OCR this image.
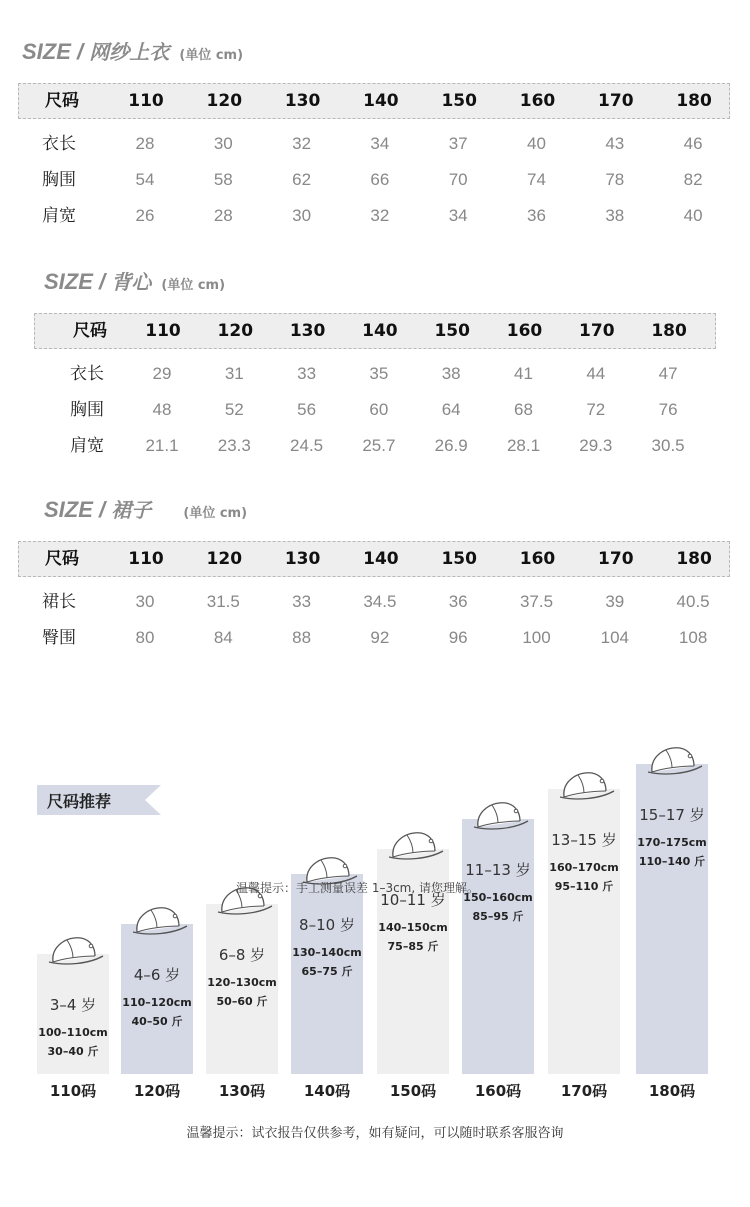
SIZE / 网纱上衣 (单位 cm)
SIZE / 背心 (单位 cm)
SIZE / 裙子 (单位 cm)
尺码推荐
3–4 岁
100–110cm
30–40 斤
110码
4–6 岁
110–120cm
40–50 斤
120码
6–8 岁
120–130cm
50–60 斤
130码
8–10 岁
130–140cm
65–75 斤
140码
10–11 岁
140–150cm
75–85 斤
150码
11–13 岁
150–160cm
85–95 斤
160码
13–15 岁
160–170cm
95–110 斤
170码
15–17 岁
170–175cm
110–140 斤
180码
温馨提示：手工测量误差 1–3cm, 请您理解。
温馨提示：试衣报告仅供参考，如有疑问，可以随时联系客服咨询
尺码	110	120	130	140	150	160	170	180
衣长	28	30	32	34	37	40	43	46
胸围	54	58	62	66	70	74	78	82
肩宽	26	28	30	32	34	36	38	40
尺码	110	120	130	140	150	160	170	180
衣长	29	31	33	35	38	41	44	47
胸围	48	52	56	60	64	68	72	76
肩宽	21.1	23.3	24.5	25.7	26.9	28.1	29.3	30.5
尺码	110	120	130	140	150	160	170	180
裙长	30	31.5	33	34.5	36	37.5	39	40.5
臀围	80	84	88	92	96	100	104	108
